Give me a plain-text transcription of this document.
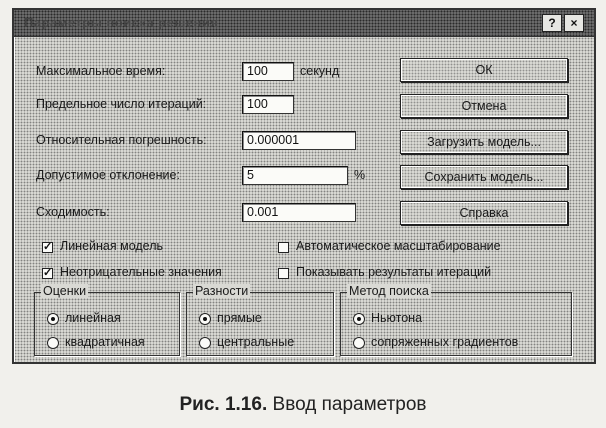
Параметры поиска решения	?	×
Максимальное время:	100	секунд
Предельное число итераций:	100
Относительная погрешность:	0.000001
Допустимое отклонение:	5	%
Сходимость:	0.001
ОК
Отмена
Загрузить модель...
Сохранить модель...
Справка
✓ Линейная модель
✓ Неотрицательные значения
Автоматическое масштабирование
Показывать результаты итераций
Оценки
линейная
квадратичная
Разности
прямые
центральные
Метод поиска
Ньютона
сопряженных градиентов
Рис. 1.16. Ввод параметров
